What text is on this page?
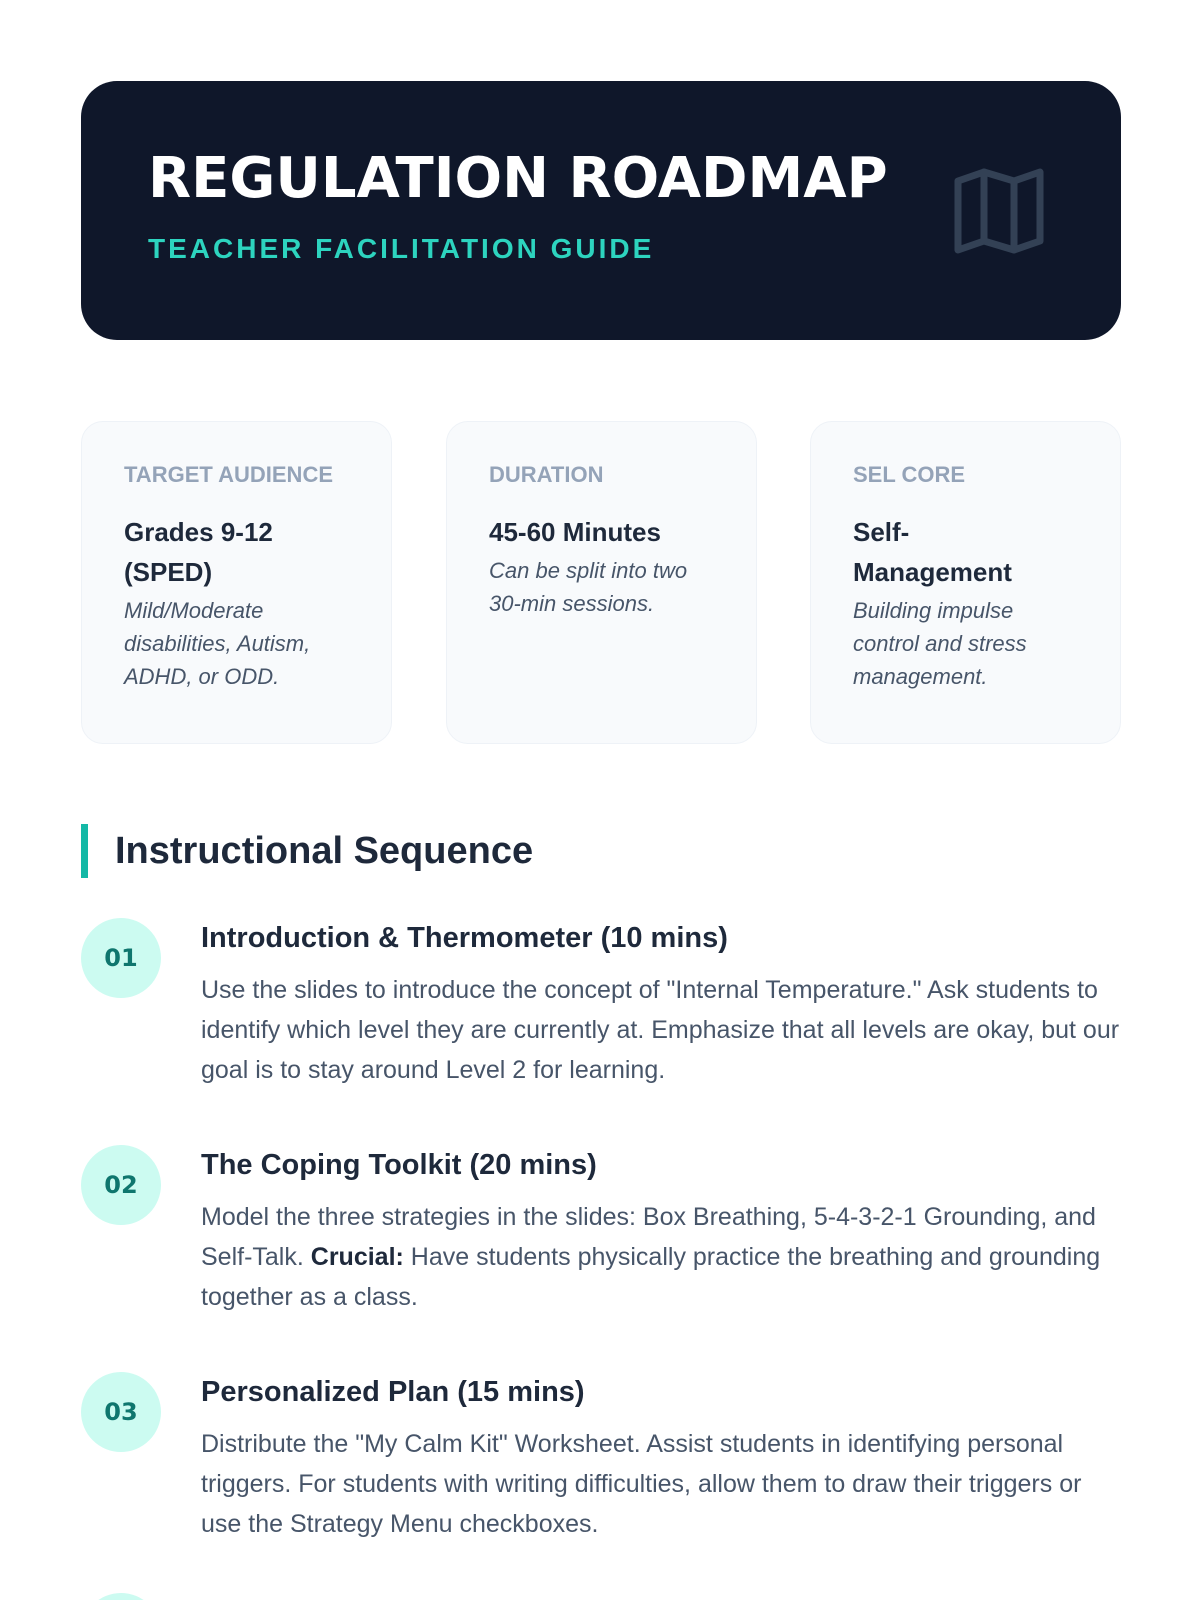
REGULATION ROADMAP
TEACHER FACILITATION GUIDE
TARGET AUDIENCE
Grades 9-12 (SPED)
Mild/Moderate disabilities, Autism, ADHD, or ODD.
DURATION
45-60 Minutes
Can be split into two 30-min sessions.
SEL CORE
Self-Management
Building impulse control and stress management.
Instructional Sequence
01
Introduction & Thermometer (10 mins)
Use the slides to introduce the concept of "Internal Temperature." Ask students to identify which level they are currently at. Emphasize that all levels are okay, but our goal is to stay around Level 2 for learning.
02
The Coping Toolkit (20 mins)
Model the three strategies in the slides: Box Breathing, 5-4-3-2-1 Grounding, and Self-Talk. Crucial: Have students physically practice the breathing and grounding together as a class.
03
Personalized Plan (15 mins)
Distribute the "My Calm Kit" Worksheet. Assist students in identifying personal triggers. For students with writing difficulties, allow them to draw their triggers or use the Strategy Menu checkboxes.
